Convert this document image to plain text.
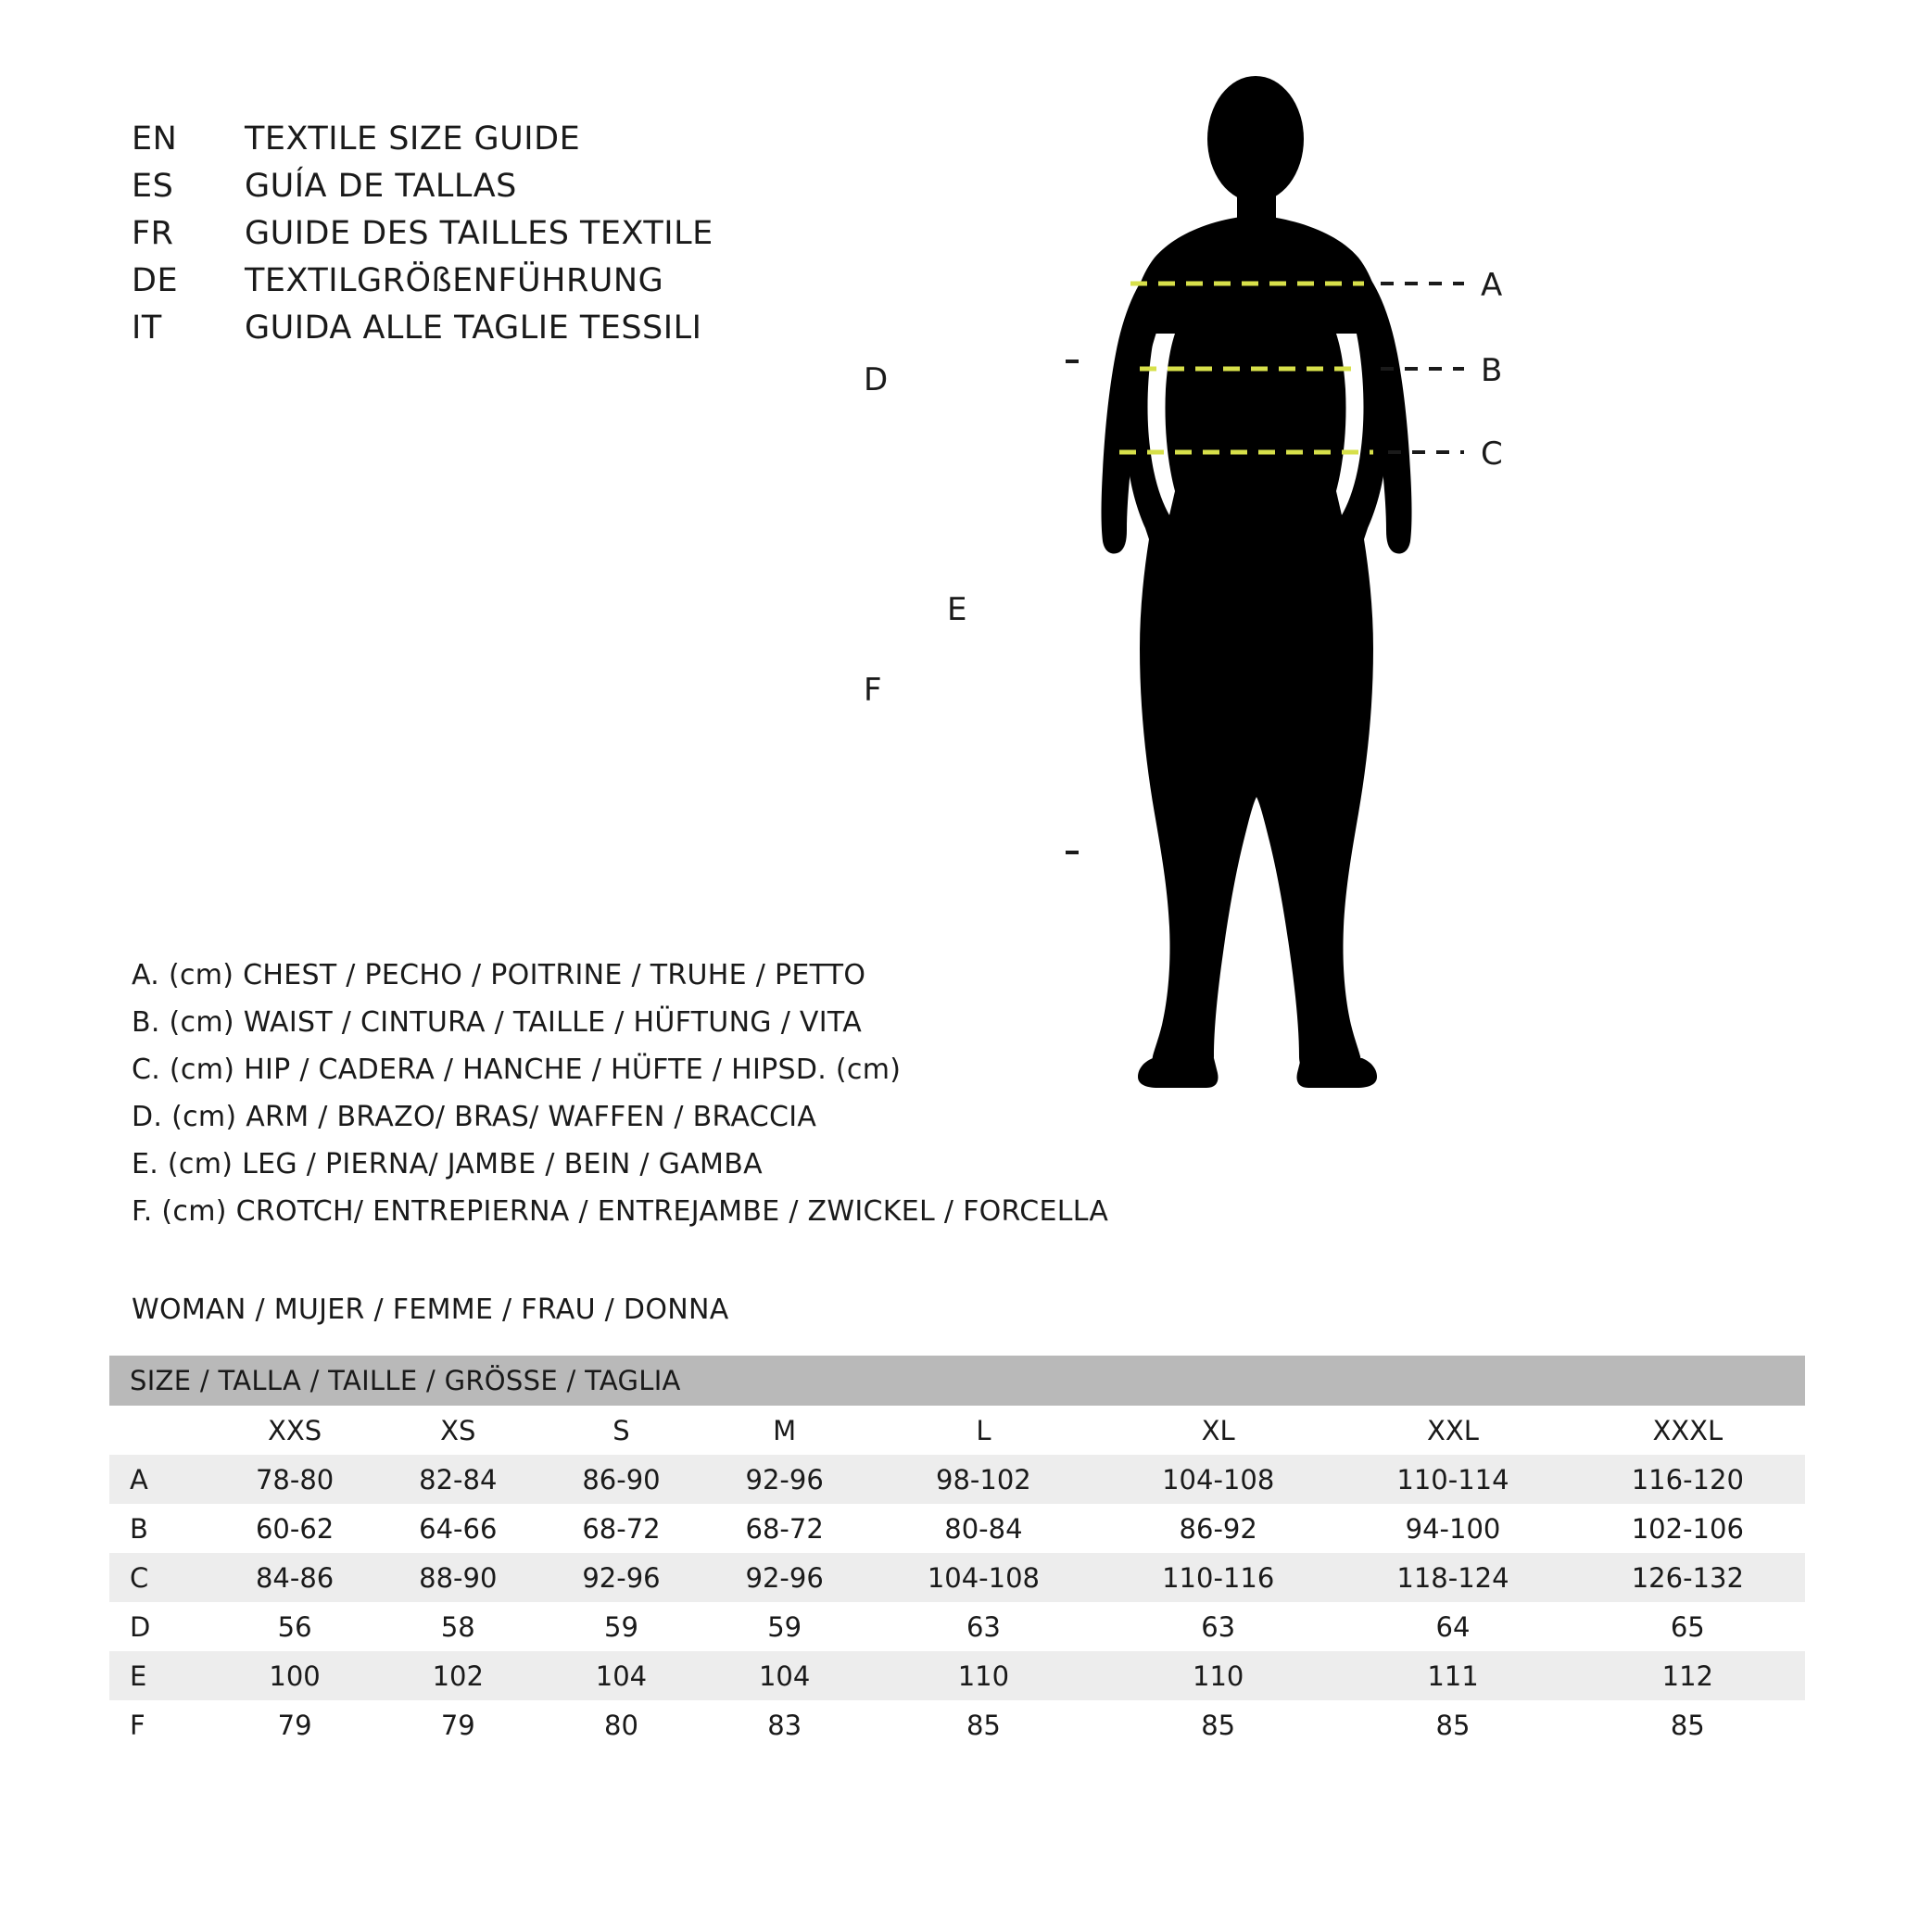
EN	TEXTILE SIZE GUIDE
ES	GUÍA DE TALLAS
FR	GUIDE DES TAILLES TEXTILE
DE	TEXTILGRÖßENFÜHRUNG
IT	GUIDA ALLE TAGLIE TESSILI
D
F
E
A
B
C
A. (cm) CHEST / PECHO / POITRINE / TRUHE / PETTO
B. (cm) WAIST / CINTURA / TAILLE / HÜFTUNG / VITA
C. (cm) HIP / CADERA / HANCHE / HÜFTE / HIPSD. (cm)
D. (cm) ARM / BRAZO/ BRAS/ WAFFEN / BRACCIA
E. (cm) LEG / PIERNA/ JAMBE / BEIN / GAMBA
F. (cm) CROTCH/ ENTREPIERNA / ENTREJAMBE / ZWICKEL / FORCELLA
WOMAN / MUJER / FEMME / FRAU / DONNA
SIZE / TALLA / TAILLE / GRÖSSE / TAGLIA								
	XXS	XS	S	M	L	XL	XXL	XXXL
A	78-80	82-84	86-90	92-96	98-102	104-108	110-114	116-120
B	60-62	64-66	68-72	68-72	80-84	86-92	94-100	102-106
C	84-86	88-90	92-96	92-96	104-108	110-116	118-124	126-132
D	56	58	59	59	63	63	64	65
E	100	102	104	104	110	110	111	112
F	79	79	80	83	85	85	85	85
